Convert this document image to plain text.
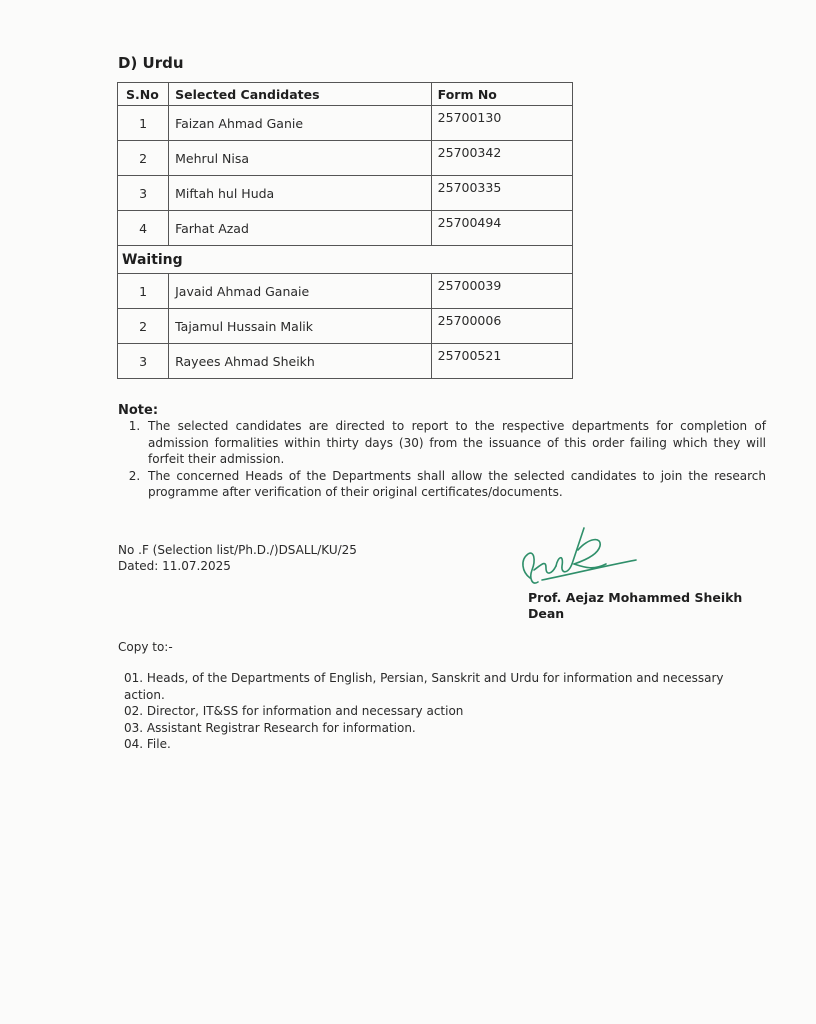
D) Urdu
S.No	Selected Candidates	Form No
1	Faizan Ahmad Ganie	25700130
2	Mehrul Nisa	25700342
3	Miftah hul Huda	25700335
4	Farhat Azad	25700494
Waiting		
1	Javaid Ahmad Ganaie	25700039
2	Tajamul Hussain Malik	25700006
3	Rayees Ahmad Sheikh	25700521
Note:
1. The selected candidates are directed to report to the respective departments for completion of admission formalities within thirty days (30) from the issuance of this order failing which they will forfeit their admission.
2. The concerned Heads of the Departments shall allow the selected candidates to join the research programme after verification of their original certificates/documents.
No .F (Selection list/Ph.D./)DSALL/KU/25
Dated: 11.07.2025
Prof. Aejaz Mohammed Sheikh
Dean
Copy to:-
01. Heads, of the Departments of English, Persian, Sanskrit and Urdu for information and necessary action.
02. Director, IT&SS for information and necessary action
03. Assistant Registrar Research for information.
04. File.
